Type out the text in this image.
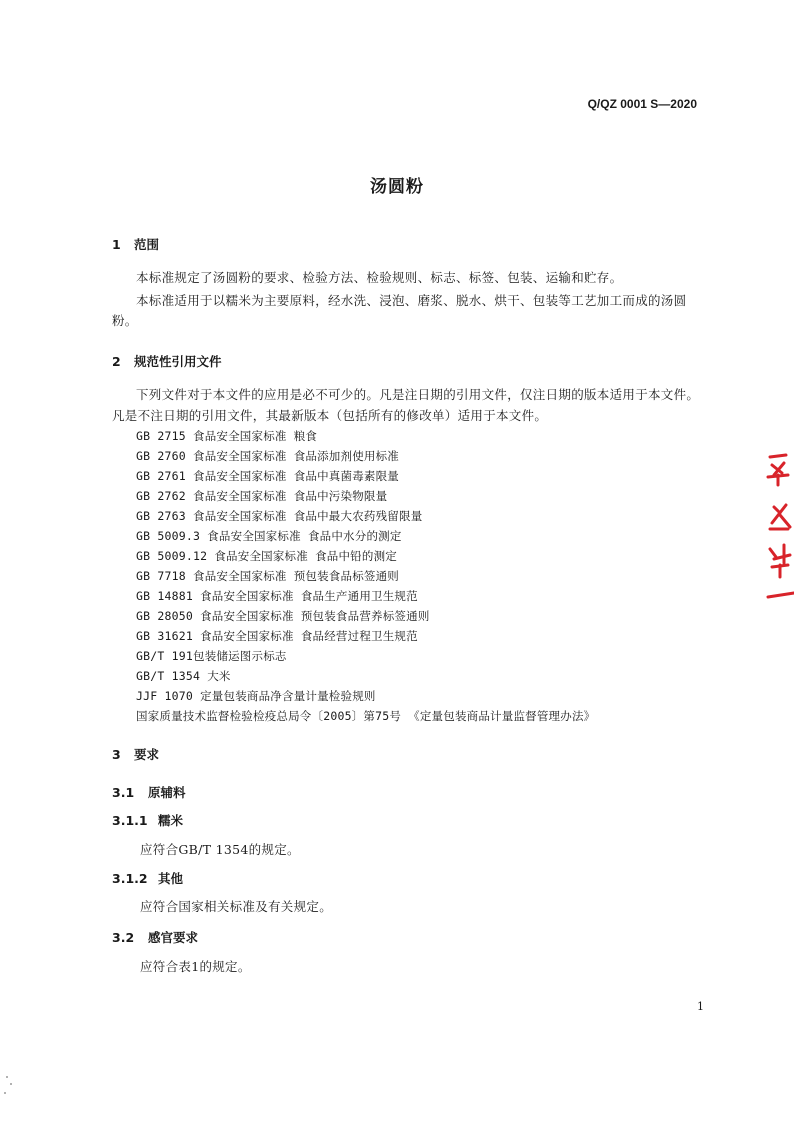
Q/QZ 0001 S—2020
汤圆粉
1 范围
本标准规定了汤圆粉的要求、检验方法、检验规则、标志、标签、包装、运输和贮存。
本标准适用于以糯米为主要原料，经水洗、浸泡、磨浆、脱水、烘干、包装等工艺加工而成的汤圆
粉。
2 规范性引用文件
下列文件对于本文件的应用是必不可少的。凡是注日期的引用文件，仅注日期的版本适用于本文件。
凡是不注日期的引用文件，其最新版本（包括所有的修改单）适用于本文件。
GB 2715 食品安全国家标准 粮食
GB 2760 食品安全国家标准 食品添加剂使用标准
GB 2761 食品安全国家标准 食品中真菌毒素限量
GB 2762 食品安全国家标准 食品中污染物限量
GB 2763 食品安全国家标准 食品中最大农药残留限量
GB 5009.3 食品安全国家标准 食品中水分的测定
GB 5009.12 食品安全国家标准 食品中铅的测定
GB 7718 食品安全国家标准 预包装食品标签通则
GB 14881 食品安全国家标准 食品生产通用卫生规范
GB 28050 食品安全国家标准 预包装食品营养标签通则
GB 31621 食品安全国家标准 食品经营过程卫生规范
GB/T 191包装储运图示标志
GB/T 1354 大米
JJF 1070 定量包装商品净含量计量检验规则
国家质量技术监督检验检疫总局令〔2005〕第75号 《定量包装商品计量监督管理办法》
3 要求
3.1 原辅料
3.1.1 糯米
应符合GB/T 1354的规定。
3.1.2 其他
应符合国家相关标准及有关规定。
3.2 感官要求
应符合表1的规定。
1
